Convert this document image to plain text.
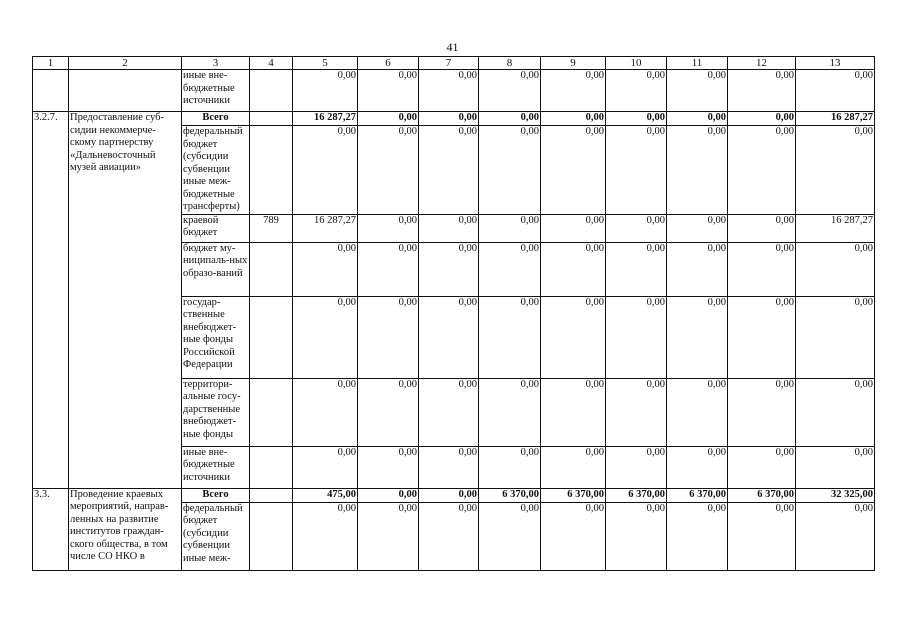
41
1	2	3	4	5	6	7	8	9	10	11	12	13
		иные вне-бюджетные источники		0,00	0,00	0,00	0,00	0,00	0,00	0,00	0,00	0,00
3.2.7.	Предоставление суб-сидии некоммерче-скому партнерству «Дальневосточный музей авиации»	Всего		16 287,27	0,00	0,00	0,00	0,00	0,00	0,00	0,00	16 287,27
		федеральный бюджет (субсидии субвенции иные меж-бюджетные трансферты)		0,00	0,00	0,00	0,00	0,00	0,00	0,00	0,00	0,00
		краевой бюджет	789	16 287,27	0,00	0,00	0,00	0,00	0,00	0,00	0,00	16 287,27
		бюджет му-ниципаль-ных образо-ваний		0,00	0,00	0,00	0,00	0,00	0,00	0,00	0,00	0,00
		государ-ственные внебюджет-ные фонды Российской Федерации		0,00	0,00	0,00	0,00	0,00	0,00	0,00	0,00	0,00
		территори-альные госу-дарственные внебюджет-ные фонды		0,00	0,00	0,00	0,00	0,00	0,00	0,00	0,00	0,00
		иные вне-бюджетные источники		0,00	0,00	0,00	0,00	0,00	0,00	0,00	0,00	0,00
3.3.	Проведение краевых мероприятий, направ-ленных на развитие институтов граждан-ского общества, в том числе СО НКО в	Всего		475,00	0,00	0,00	6 370,00	6 370,00	6 370,00	6 370,00	6 370,00	32 325,00
		федеральный бюджет (субсидии субвенции иные меж-		0,00	0,00	0,00	0,00	0,00	0,00	0,00	0,00	0,00
